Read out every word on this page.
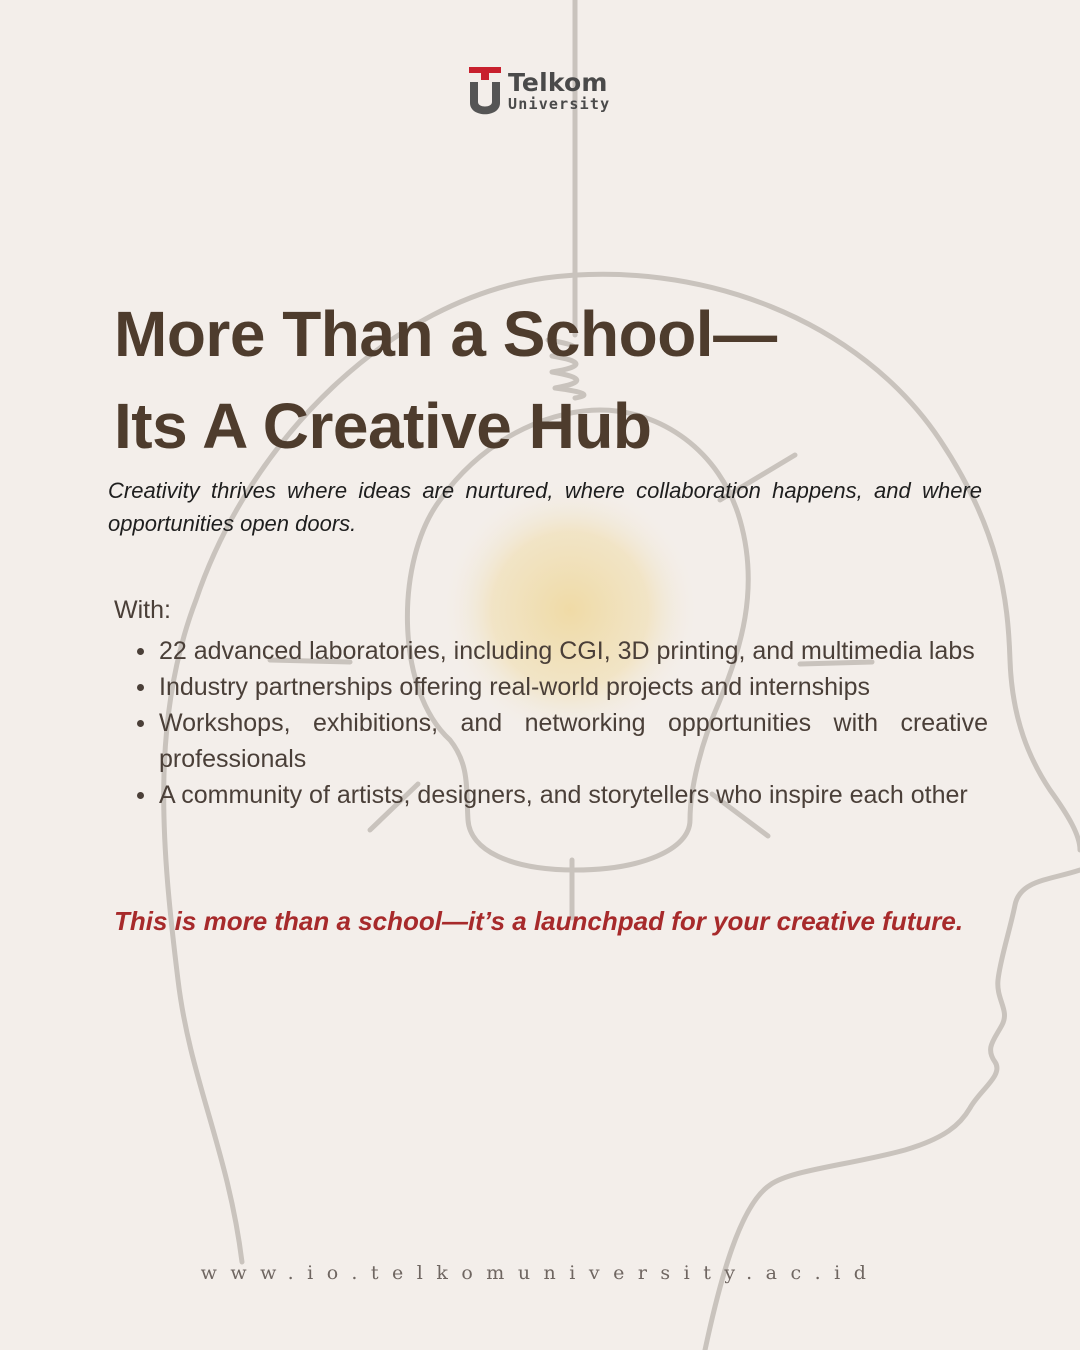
Telkom
University
More Than a School—
Its A Creative Hub

Creativity thrives where ideas are nurtured, where collaboration happens, and where opportunities open doors.

With:
22 advanced laboratories, including CGI, 3D printing, and multimedia labs
Industry partnerships offering real-world projects and internships
Workshops, exhibitions, and networking opportunities with creative professionals
A community of artists, designers, and storytellers who inspire each other
This is more than a school—it’s a launchpad for your creative future.
www.io.telkomuniversity.ac.id
